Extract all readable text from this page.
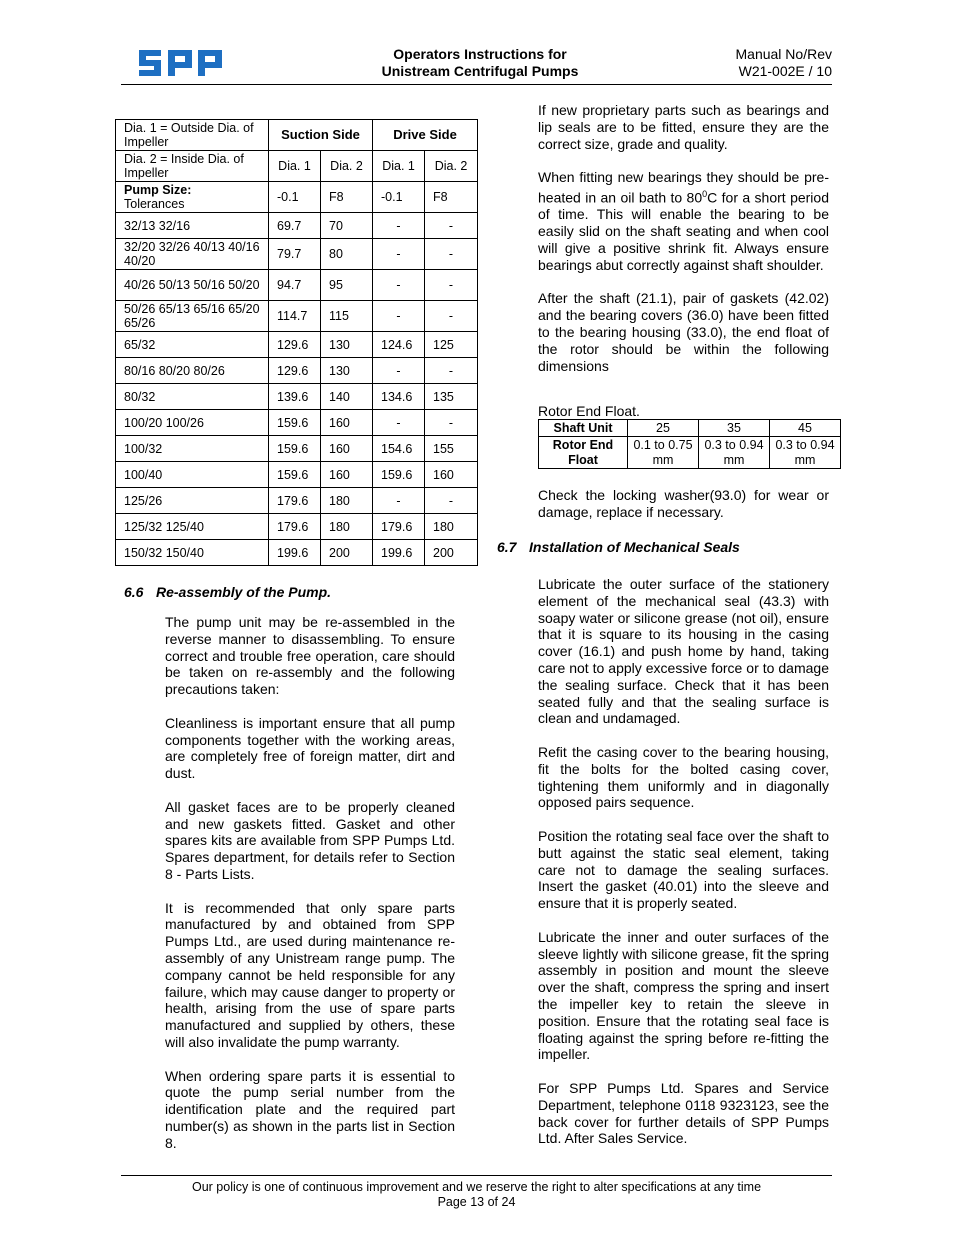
Operators Instructions for
Unistream Centrifugal Pumps
Manual No/Rev
W21-002E / 10
Dia. 1 = Outside Dia. of Impeller	Suction Side		Drive Side	
Dia. 2 = Inside Dia. of Impeller	Dia. 1	Dia. 2	Dia. 1	Dia. 2

Pump Size:
Tolerances	-0.1	F8	-0.1	F8
32/13 32/16	69.7	70	-	-
32/20 32/26 40/13 40/16 40/20	79.7	80	-	-
40/26 50/13 50/16 50/20	94.7	95	-	-
50/26 65/13 65/16 65/20 65/26	114.7	115	-	-
65/32	129.6	130	124.6	125
80/16 80/20 80/26	129.6	130	-	-
80/32	139.6	140	134.6	135
100/20 100/26	159.6	160	-	-
100/32	159.6	160	154.6	155
100/40	159.6	160	159.6	160
125/26	179.6	180	-	-
125/32 125/40	179.6	180	179.6	180
150/32 150/40	199.6	200	199.6	200
6.6 Re-assembly of the Pump.

The pump unit may be re-assembled in the reverse manner to disassembling. To ensure correct and trouble free operation, care should be taken on re-assembly and the following precautions taken:

Cleanliness is important ensure that all pump components together with the working areas, are completely free of foreign matter, dirt and dust.

All gasket faces are to be properly cleaned and new gaskets fitted. Gasket and other spares kits are available from SPP Pumps Ltd. Spares department, for details refer to Section 8 - Parts Lists.

It is recommended that only spare parts manufactured by and obtained from SPP Pumps Ltd., are used during maintenance re-assembly of any Unistream range pump. The company cannot be held responsible for any failure, which may cause danger to property or health, arising from the use of spare parts manufactured and supplied by others, these will also invalidate the pump warranty.

When ordering spare parts it is essential to quote the pump serial number from the identification plate and the required part number(s) as shown in the parts list in Section 8.

If new proprietary parts such as bearings and lip seals are to be fitted, ensure they are the correct size, grade and quality.

When fitting new bearings they should be pre-heated in an oil bath to $80^0C$ for a short period of time. This will enable the bearing to be easily slid on the shaft seating and when cool will give a positive shrink fit. Always ensure bearings abut correctly against shaft shoulder.

After the shaft (21.1), pair of gaskets (42.02) and the bearing covers (36.0) have been fitted to the bearing housing (33.0), the end float of the rotor should be within the following dimensions

Rotor End Float.
Shaft Unit	25	35	45
Rotor End Float	0.1 to 0.75 mm	0.3 to 0.94 mm	0.3 to 0.94 mm

Check the locking washer(93.0) for wear or damage, replace if necessary.

6.7 Installation of Mechanical Seals

Lubricate the outer surface of the stationery element of the mechanical seal (43.3) with soapy water or silicone grease (not oil), ensure that it is square to its housing in the casing cover (16.1) and push home by hand, taking care not to apply excessive force or to damage the sealing surface. Check that it has been seated fully and that the sealing surface is clean and undamaged.

Refit the casing cover to the bearing housing, fit the bolts for the bolted casing cover, tightening them uniformly and in diagonally opposed pairs sequence.

Position the rotating seal face over the shaft to butt against the static seal element, taking care not to damage the sealing surfaces. Insert the gasket (40.01) into the sleeve and ensure that it is properly seated.

Lubricate the inner and outer surfaces of the sleeve lightly with silicone grease, fit the spring assembly in position and mount the sleeve over the shaft, compress the spring and insert the impeller key to retain the sleeve in position. Ensure that the rotating seal face is floating against the spring before re-fitting the impeller.

For SPP Pumps Ltd. Spares and Service Department, telephone 0118 9323123, see the back cover for further details of SPP Pumps Ltd. After Sales Service.

Our policy is one of continuous improvement and we reserve the right to alter specifications at any time
Page 13 of 24
